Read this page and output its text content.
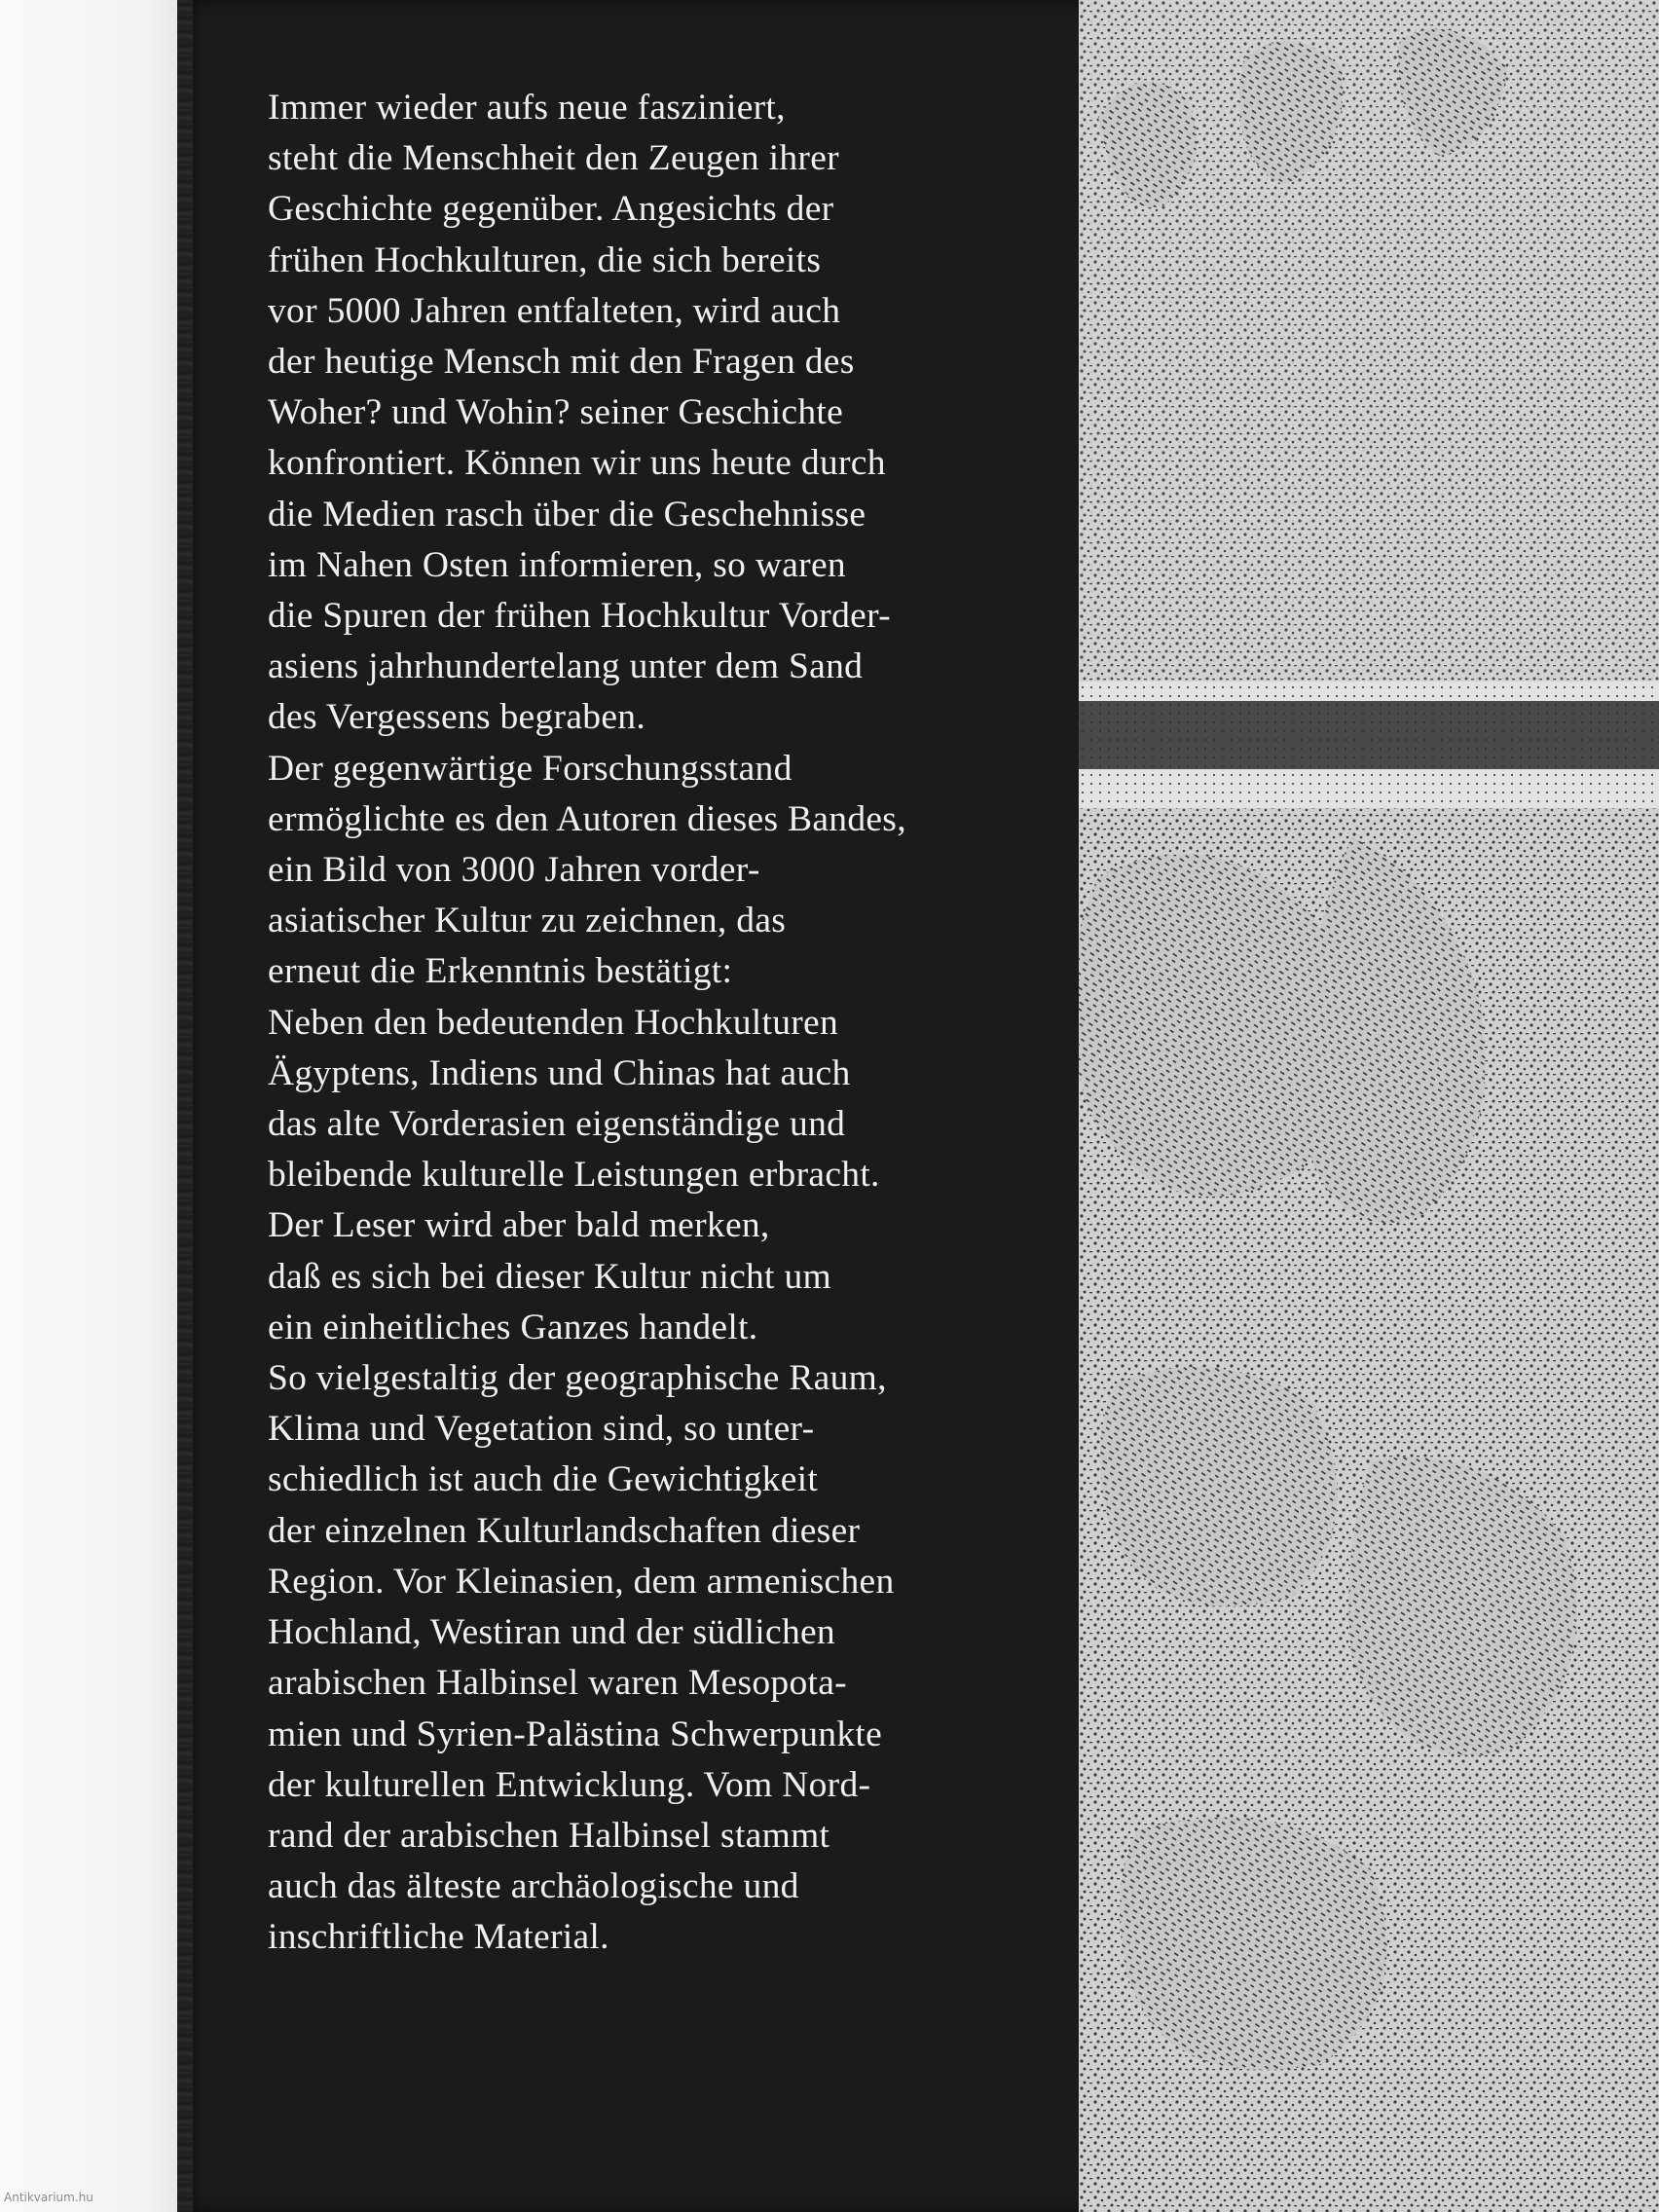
Immer wieder aufs neue fasziniert,
steht die Menschheit den Zeugen ihrer
Geschichte gegenüber. Angesichts der
frühen Hochkulturen, die sich bereits
vor 5000 Jahren entfalteten, wird auch
der heutige Mensch mit den Fragen des
Woher? und Wohin? seiner Geschichte
konfrontiert. Können wir uns heute durch
die Medien rasch über die Geschehnisse
im Nahen Osten informieren, so waren
die Spuren der frühen Hochkultur Vorder-
asiens jahrhundertelang unter dem Sand
des Vergessens begraben.
Der gegenwärtige Forschungsstand
ermöglichte es den Autoren dieses Bandes,
ein Bild von 3000 Jahren vorder-
asiatischer Kultur zu zeichnen, das
erneut die Erkenntnis bestätigt:
Neben den bedeutenden Hochkulturen
Ägyptens, Indiens und Chinas hat auch
das alte Vorderasien eigenständige und
bleibende kulturelle Leistungen erbracht.
Der Leser wird aber bald merken,
daß es sich bei dieser Kultur nicht um
ein einheitliches Ganzes handelt.
So vielgestaltig der geographische Raum,
Klima und Vegetation sind, so unter-
schiedlich ist auch die Gewichtigkeit
der einzelnen Kulturlandschaften dieser
Region. Vor Kleinasien, dem armenischen
Hochland, Westiran und der südlichen
arabischen Halbinsel waren Mesopota-
mien und Syrien-Palästina Schwerpunkte
der kulturellen Entwicklung. Vom Nord-
rand der arabischen Halbinsel stammt
auch das älteste archäologische und
inschriftliche Material.
Antikvarium.hu
